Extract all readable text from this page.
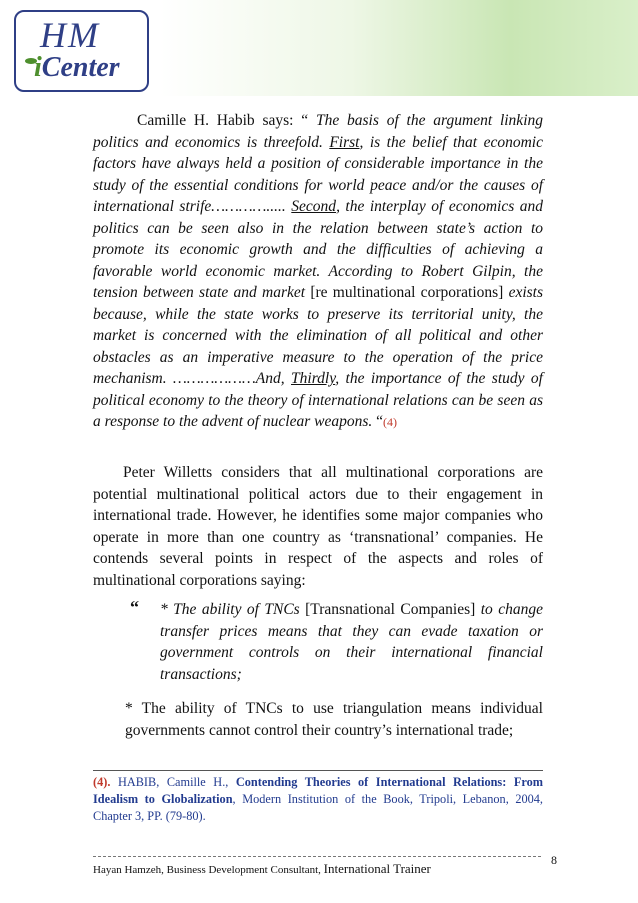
HM
iCenter

Camille H. Habib says: “ The basis of the argument linking politics and economics is threefold. First, is the belief that economic factors have always held a position of considerable importance in the study of the essential conditions for world peace and/or the causes of international strife…………..... Second, the interplay of economics and politics can be seen also in the relation between state’s action to promote its economic growth and the difficulties of achieving a favorable world economic market. According to Robert Gilpin, the tension between state and market [re multinational corporations] exists because, while the state works to preserve its territorial unity, the market is concerned with the elimination of all political and other obstacles as an imperative measure to the operation of the price mechanism. ………………And, Thirdly, the importance of the study of political economy to the theory of international relations can be seen as a response to the advent of nuclear weapons. “(4)

Peter Willetts considers that all multinational corporations are potential multinational political actors due to their engagement in international trade. However, he identifies some major companies who operate in more than one country as ‘transnational’ companies. He contends several points in respect of the aspects and roles of multinational corporations saying:

“ * The ability of TNCs [Transnational Companies] to change transfer prices means that they can evade taxation or government controls on their international financial transactions;
* The ability of TNCs to use triangulation means individual governments cannot control their country’s international trade;
(4). HABIB, Camille H., Contending Theories of International Relations: From Idealism to Globalization, Modern Institution of the Book, Tripoli, Lebanon, 2004, Chapter 3, PP. (79-80).
Hayan Hamzeh, Business Development Consultant, International Trainer
8
